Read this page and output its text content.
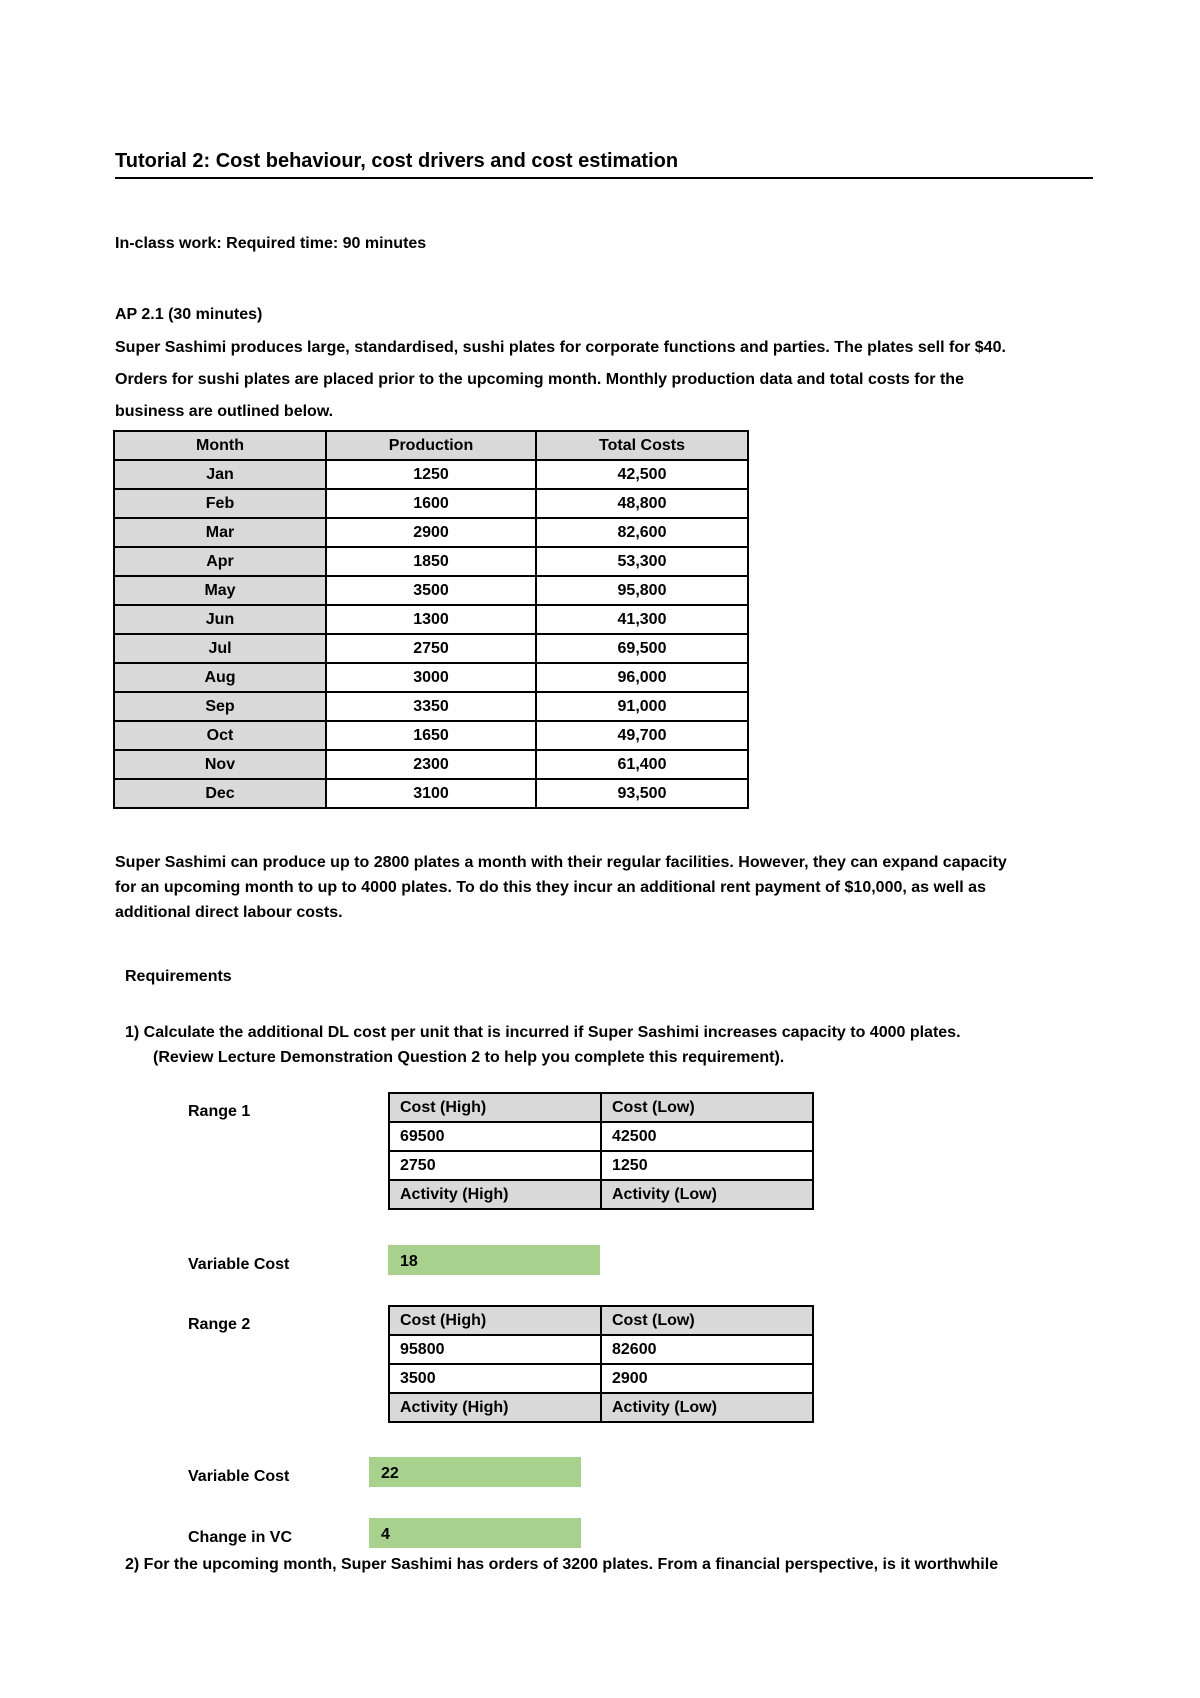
Tutorial 2: Cost behaviour, cost drivers and cost estimation
In-class work: Required time: 90 minutes
AP 2.1 (30 minutes)
Super Sashimi produces large, standardised, sushi plates for corporate functions and parties. The plates sell for $40.
Orders for sushi plates are placed prior to the upcoming month. Monthly production data and total costs for the
business are outlined below.
Month	Production	Total Costs
Jan	1250	42,500
Feb	1600	48,800
Mar	2900	82,600
Apr	1850	53,300
May	3500	95,800
Jun	1300	41,300
Jul	2750	69,500
Aug	3000	96,000
Sep	3350	91,000
Oct	1650	49,700
Nov	2300	61,400
Dec	3100	93,500
Super Sashimi can produce up to 2800 plates a month with their regular facilities. However, they can expand capacity
for an upcoming month to up to 4000 plates. To do this they incur an additional rent payment of $10,000, as well as
additional direct labour costs.
Requirements
1) Calculate the additional DL cost per unit that is incurred if Super Sashimi increases capacity to 4000 plates.
(Review Lecture Demonstration Question 2 to help you complete this requirement).
Range 1	Cost (High)	Cost (Low)
69500	42500
2750	1250
Activity (High)	Activity (Low)
Variable Cost	18
Range 2	Cost (High)	Cost (Low)
95800	82600
3500	2900
Activity (High)	Activity (Low)
Variable Cost	22
Change in VC	4
2) For the upcoming month, Super Sashimi has orders of 3200 plates. From a financial perspective, is it worthwhile
